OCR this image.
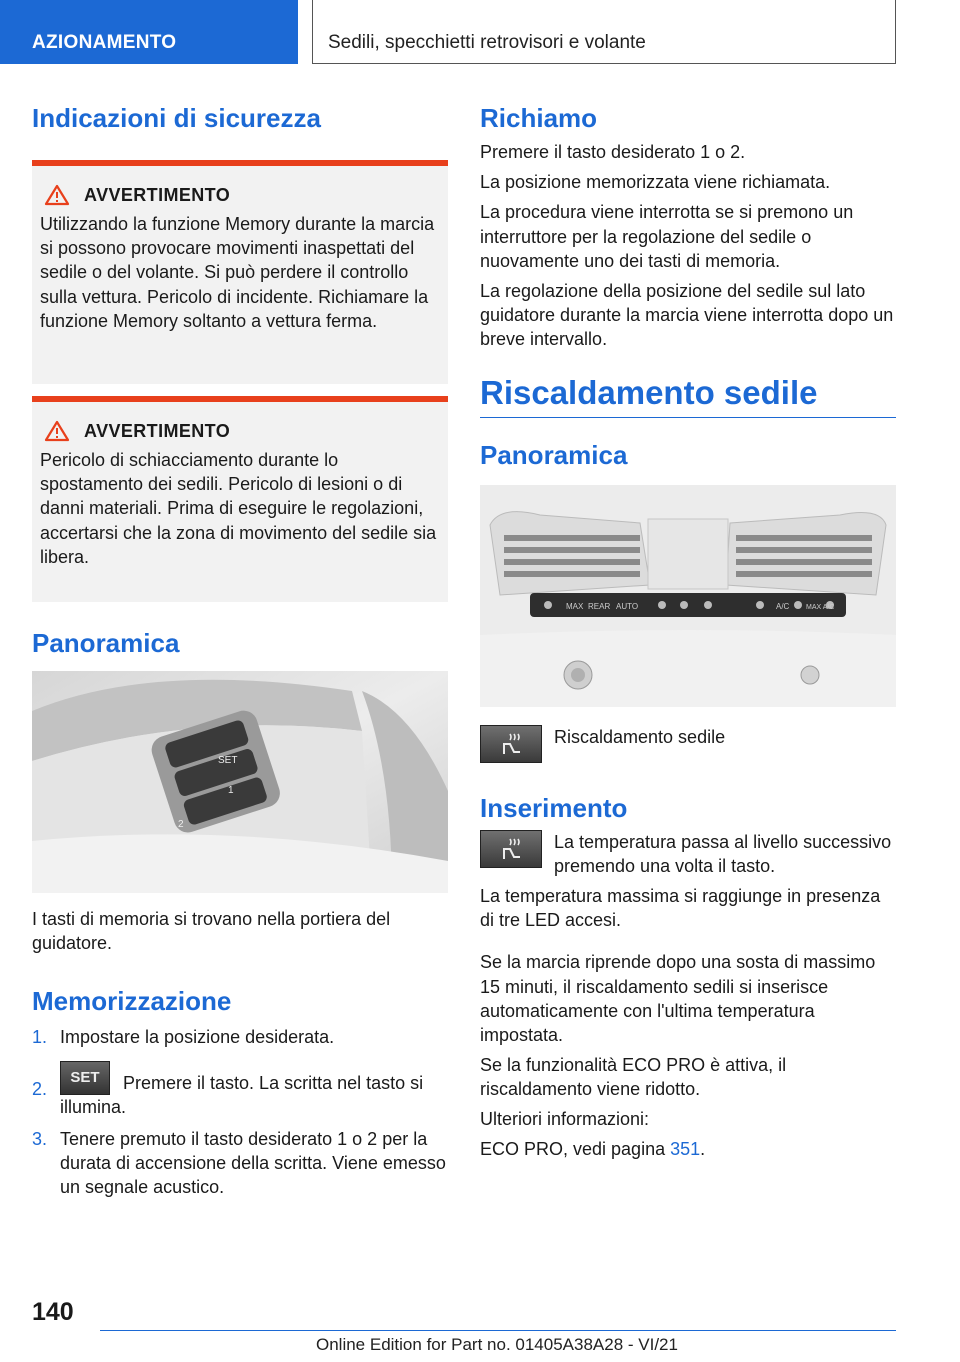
AZIONAMENTO	Sedili, specchietti retrovisori e volante
Indicazioni di sicurezza
AVVERTIMENTO

Utilizzando la funzione Memory durante la marcia si possono provocare movimenti inaspettati del sedile o del volante. Si può perdere il controllo sulla vettura. Pericolo di incidente. Richiamare la funzione Memory soltanto a vettura ferma.

AVVERTIMENTO

Pericolo di schiacciamento durante lo spostamento dei sedili. Pericolo di lesioni o di danni materiali. Prima di eseguire le regolazioni, accertarsi che la zona di movimento del sedile sia libera.

Panoramica
SET
1
2

I tasti di memoria si trovano nella portiera del guidatore.

Memorizzazione
1. Impostare la posizione desiderata.
2.
SET Premere il tasto. La scritta nel tasto si illumina.
3. Tenere premuto il tasto desiderato 1 o 2 per la durata di accensione della scritta. Viene emesso un segnale acustico.
Richiamo

Premere il tasto desiderato 1 o 2.

La posizione memorizzata viene richiamata.

La procedura viene interrotta se si premono un interruttore per la regolazione del sedile o nuovamente uno dei tasti di memoria.

La regolazione della posizione del sedile sul lato guidatore durante la marcia viene interrotta dopo un breve intervallo.

Riscaldamento sedile
Panoramica
MAX REAR AUTO	A/C MAX A/C

Riscaldamento sedile

Inserimento

La temperatura passa al livello successivo premendo una volta il tasto.

La temperatura massima si raggiunge in presenza di tre LED accesi.

Se la marcia riprende dopo una sosta di massimo 15 minuti, il riscaldamento sedili si inserisce automaticamente con l'ultima temperatura impostata.

Se la funzionalità ECO PRO è attiva, il riscaldamento viene ridotto.

Ulteriori informazioni:

ECO PRO, vedi pagina 351.

140
Online Edition for Part no. 01405A38A28 - VI/21
